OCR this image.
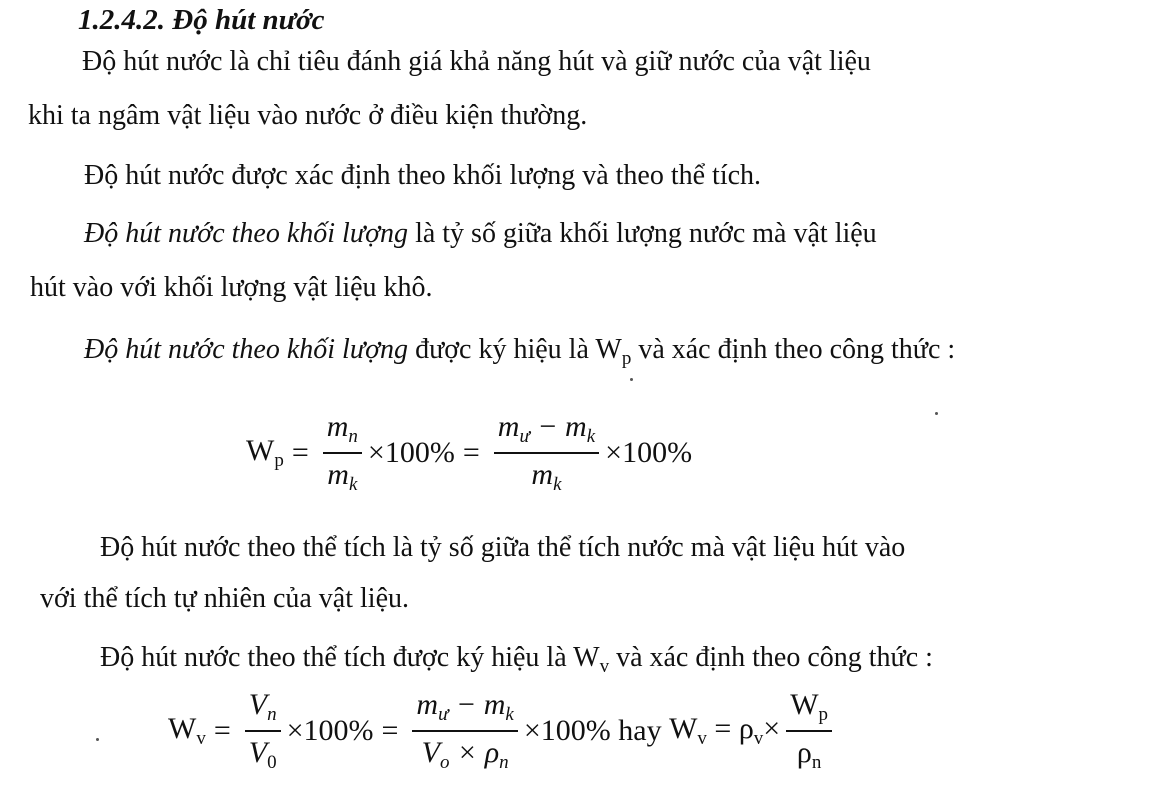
1.2.4.2. Độ hút nước
Độ hút nước là chỉ tiêu đánh giá khả năng hút và giữ nước của vật liệu
khi ta ngâm vật liệu vào nước ở điều kiện thường.
Độ hút nước được xác định theo khối lượng và theo thể tích.
Độ hút nước theo khối lượng là tỷ số giữa khối lượng nước mà vật liệu
hút vào với khối lượng vật liệu khô.
Độ hút nước theo khối lượng được ký hiệu là $W_p$ và xác định theo công thức :
$W_p = \frac{m_n}{m_k} \times 100\% = \frac{m_ư - m_k}{m_k} \times 100\%$
Độ hút nước theo thể tích là tỷ số giữa thể tích nước mà vật liệu hút vào
với thể tích tự nhiên của vật liệu.
Độ hút nước theo thể tích được ký hiệu là $W_v$ và xác định theo công thức :
$W_v = \frac{V_n}{V_0} \times 100\% = \frac{m_ư - m_k}{V_o \times \rho_n} \times 100\%$ hay $W_v = \rho_v\times \frac{W_p}{\rho_n}$
